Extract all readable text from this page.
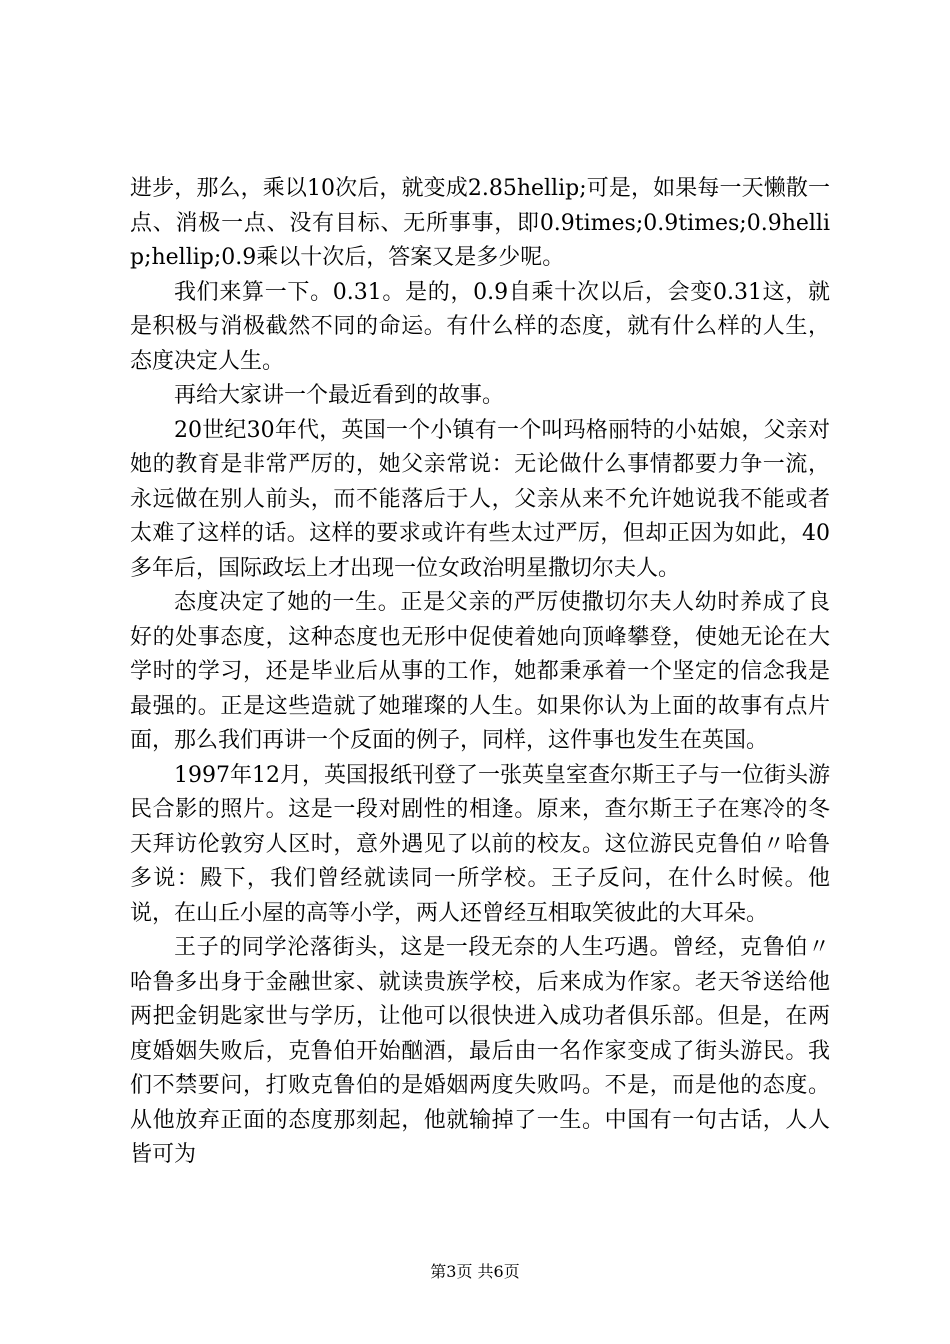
进步，那么，乘以10次后，就变成2.85hellip;可是，如果每一天懒散一点、消极一点、没有目标、无所事事，即0.9times;0.9times;0.9hellip;hellip;0.9乘以十次后，答案又是多少呢。

我们来算一下。0.31。是的，0.9自乘十次以后，会变0.31这，就是积极与消极截然不同的命运。有什么样的态度，就有什么样的人生，态度决定人生。

再给大家讲一个最近看到的故事。

20世纪30年代，英国一个小镇有一个叫玛格丽特的小姑娘，父亲对她的教育是非常严厉的，她父亲常说：无论做什么事情都要力争一流，永远做在别人前头，而不能落后于人，父亲从来不允许她说我不能或者太难了这样的话。这样的要求或许有些太过严厉，但却正因为如此，40多年后，国际政坛上才出现一位女政治明星撒切尔夫人。

态度决定了她的一生。正是父亲的严厉使撒切尔夫人幼时养成了良好的处事态度，这种态度也无形中促使着她向顶峰攀登，使她无论在大学时的学习，还是毕业后从事的工作，她都秉承着一个坚定的信念我是最强的。正是这些造就了她璀璨的人生。如果你认为上面的故事有点片面，那么我们再讲一个反面的例子，同样，这件事也发生在英国。

1997年12月，英国报纸刊登了一张英皇室查尔斯王子与一位街头游民合影的照片。这是一段对剧性的相逢。原来，查尔斯王子在寒冷的冬天拜访伦敦穷人区时，意外遇见了以前的校友。这位游民克鲁伯〃哈鲁多说：殿下，我们曾经就读同一所学校。王子反问，在什么时候。他说，在山丘小屋的高等小学，两人还曾经互相取笑彼此的大耳朵。

王子的同学沦落街头，这是一段无奈的人生巧遇。曾经，克鲁伯〃哈鲁多出身于金融世家、就读贵族学校，后来成为作家。老天爷送给他两把金钥匙家世与学历，让他可以很快进入成功者俱乐部。但是，在两度婚姻失败后，克鲁伯开始酗酒，最后由一名作家变成了街头游民。我们不禁要问，打败克鲁伯的是婚姻两度失败吗。不是，而是他的态度。从他放弃正面的态度那刻起，他就输掉了一生。中国有一句古话，人人皆可为

第3页 共6页
